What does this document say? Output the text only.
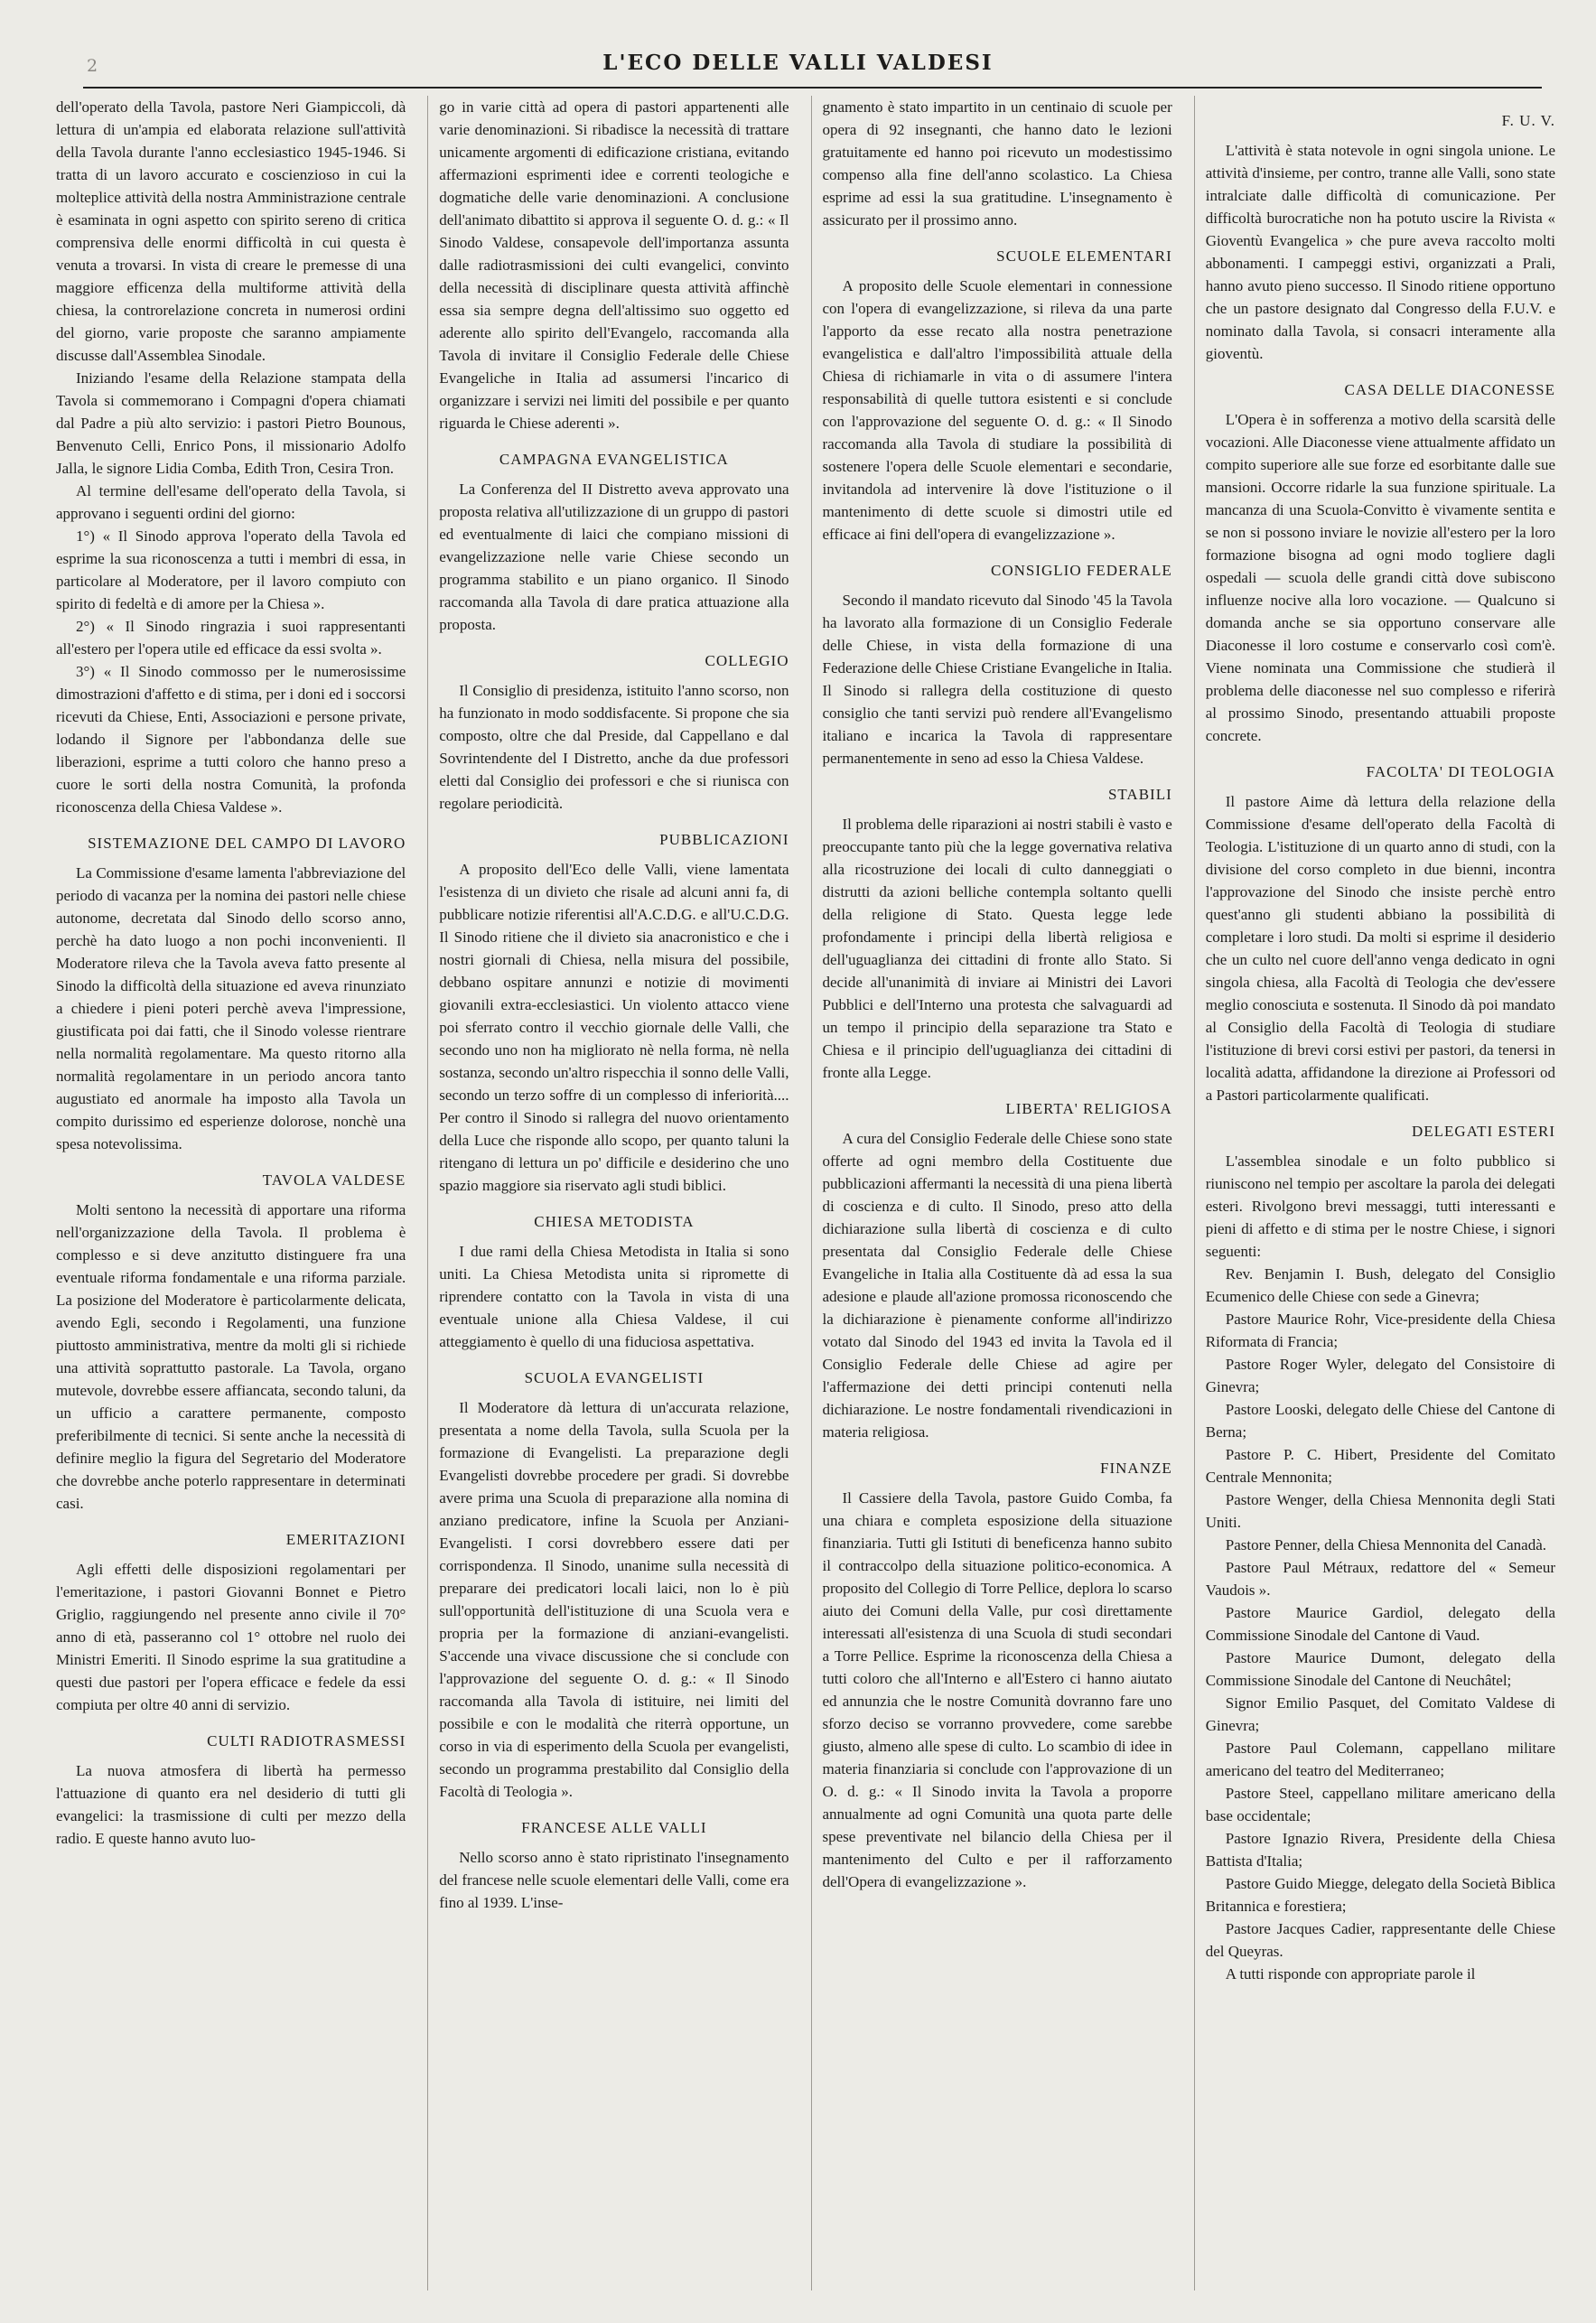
2	L'ECO DELLE VALLI VALDESI

dell'operato della Tavola, pastore Neri Giampiccoli, dà lettura di un'ampia ed elaborata relazione sull'attività della Tavola durante l'anno ecclesiastico 1945-1946. Si tratta di un lavoro accurato e coscienzioso in cui la molteplice attività della nostra Amministrazione centrale è esaminata in ogni aspetto con spirito sereno di critica comprensiva delle enormi difficoltà in cui questa è venuta a trovarsi. In vista di creare le premesse di una maggiore efficenza della multiforme attività della chiesa, la controrelazione concreta in numerosi ordini del giorno, varie proposte che saranno ampiamente discusse dall'Assemblea Sinodale.

Iniziando l'esame della Relazione stampata della Tavola si commemorano i Compagni d'opera chiamati dal Padre a più alto servizio: i pastori Pietro Bounous, Benvenuto Celli, Enrico Pons, il missionario Adolfo Jalla, le signore Lidia Comba, Edith Tron, Cesira Tron.

Al termine dell'esame dell'operato della Tavola, si approvano i seguenti ordini del giorno:

1°) « Il Sinodo approva l'operato della Tavola ed esprime la sua riconoscenza a tutti i membri di essa, in particolare al Moderatore, per il lavoro compiuto con spirito di fedeltà e di amore per la Chiesa ».

2°) « Il Sinodo ringrazia i suoi rappresentanti all'estero per l'opera utile ed efficace da essi svolta ».

3°) « Il Sinodo commosso per le numerosissime dimostrazioni d'affetto e di stima, per i doni ed i soccorsi ricevuti da Chiese, Enti, Associazioni e persone private, lodando il Signore per l'abbondanza delle sue liberazioni, esprime a tutti coloro che hanno preso a cuore le sorti della nostra Comunità, la profonda riconoscenza della Chiesa Valdese ».

SISTEMAZIONE DEL CAMPO DI LAVORO

La Commissione d'esame lamenta l'abbreviazione del periodo di vacanza per la nomina dei pastori nelle chiese autonome, decretata dal Sinodo dello scorso anno, perchè ha dato luogo a non pochi inconvenienti. Il Moderatore rileva che la Tavola aveva fatto presente al Sinodo la difficoltà della situazione ed aveva rinunziato a chiedere i pieni poteri perchè aveva l'impressione, giustificata poi dai fatti, che il Sinodo volesse rientrare nella normalità regolamentare. Ma questo ritorno alla normalità regolamentare in un periodo ancora tanto augustiato ed anormale ha imposto alla Tavola un compito durissimo ed esperienze dolorose, nonchè una spesa notevolissima.

TAVOLA VALDESE

Molti sentono la necessità di apportare una riforma nell'organizzazione della Tavola. Il problema è complesso e si deve anzitutto distinguere fra una eventuale riforma fondamentale e una riforma parziale. La posizione del Moderatore è particolarmente delicata, avendo Egli, secondo i Regolamenti, una funzione piuttosto amministrativa, mentre da molti gli si richiede una attività soprattutto pastorale. La Tavola, organo mutevole, dovrebbe essere affiancata, secondo taluni, da un ufficio a carattere permanente, composto preferibilmente di tecnici. Si sente anche la necessità di definire meglio la figura del Segretario del Moderatore che dovrebbe anche poterlo rappresentare in determinati casi.

EMERITAZIONI

Agli effetti delle disposizioni regolamentari per l'emeritazione, i pastori Giovanni Bonnet e Pietro Griglio, raggiungendo nel presente anno civile il 70° anno di età, passeranno col 1° ottobre nel ruolo dei Ministri Emeriti. Il Sinodo esprime la sua gratitudine a questi due pastori per l'opera efficace e fedele da essi compiuta per oltre 40 anni di servizio.

CULTI RADIOTRASMESSI

La nuova atmosfera di libertà ha permesso l'attuazione di quanto era nel desiderio di tutti gli evangelici: la trasmissione di culti per mezzo della radio. E queste hanno avuto luo-

go in varie città ad opera di pastori appartenenti alle varie denominazioni. Si ribadisce la necessità di trattare unicamente argomenti di edificazione cristiana, evitando affermazioni esprimenti idee e correnti teologiche e dogmatiche delle varie denominazioni. A conclusione dell'animato dibattito si approva il seguente O. d. g.: « Il Sinodo Valdese, consapevole dell'importanza assunta dalle radiotrasmissioni dei culti evangelici, convinto della necessità di disciplinare questa attività affinchè essa sia sempre degna dell'altissimo suo oggetto ed aderente allo spirito dell'Evangelo, raccomanda alla Tavola di invitare il Consiglio Federale delle Chiese Evangeliche in Italia ad assumersi l'incarico di organizzare i servizi nei limiti del possibile e per quanto riguarda le Chiese aderenti ».

CAMPAGNA EVANGELISTICA

La Conferenza del II Distretto aveva approvato una proposta relativa all'utilizzazione di un gruppo di pastori ed eventualmente di laici che compiano missioni di evangelizzazione nelle varie Chiese secondo un programma stabilito e un piano organico. Il Sinodo raccomanda alla Tavola di dare pratica attuazione alla proposta.

COLLEGIO

Il Consiglio di presidenza, istituito l'anno scorso, non ha funzionato in modo soddisfacente. Si propone che sia composto, oltre che dal Preside, dal Cappellano e dal Sovrintendente del I Distretto, anche da due professori eletti dal Consiglio dei professori e che si riunisca con regolare periodicità.

PUBBLICAZIONI

A proposito dell'Eco delle Valli, viene lamentata l'esistenza di un divieto che risale ad alcuni anni fa, di pubblicare notizie riferentisi all'A.C.D.G. e all'U.C.D.G. Il Sinodo ritiene che il divieto sia anacronistico e che i nostri giornali di Chiesa, nella misura del possibile, debbano ospitare annunzi e notizie di movimenti giovanili extra-ecclesiastici. Un violento attacco viene poi sferrato contro il vecchio giornale delle Valli, che secondo uno non ha migliorato nè nella forma, nè nella sostanza, secondo un'altro rispecchia il sonno delle Valli, secondo un terzo soffre di un complesso di inferiorità.... Per contro il Sinodo si rallegra del nuovo orientamento della Luce che risponde allo scopo, per quanto taluni la ritengano di lettura un po' difficile e desiderino che uno spazio maggiore sia riservato agli studi biblici.

CHIESA METODISTA

I due rami della Chiesa Metodista in Italia si sono uniti. La Chiesa Metodista unita si ripromette di riprendere contatto con la Tavola in vista di una eventuale unione alla Chiesa Valdese, il cui atteggiamento è quello di una fiduciosa aspettativa.

SCUOLA EVANGELISTI

Il Moderatore dà lettura di un'accurata relazione, presentata a nome della Tavola, sulla Scuola per la formazione di Evangelisti. La preparazione degli Evangelisti dovrebbe procedere per gradi. Si dovrebbe avere prima una Scuola di preparazione alla nomina di anziano predicatore, infine la Scuola per Anziani-Evangelisti. I corsi dovrebbero essere dati per corrispondenza. Il Sinodo, unanime sulla necessità di preparare dei predicatori locali laici, non lo è più sull'opportunità dell'istituzione di una Scuola vera e propria per la formazione di anziani-evangelisti. S'accende una vivace discussione che si conclude con l'approvazione del seguente O. d. g.: « Il Sinodo raccomanda alla Tavola di istituire, nei limiti del possibile e con le modalità che riterrà opportune, un corso in via di esperimento della Scuola per evangelisti, secondo un programma prestabilito dal Consiglio della Facoltà di Teologia ».

FRANCESE ALLE VALLI

Nello scorso anno è stato ripristinato l'insegnamento del francese nelle scuole elementari delle Valli, come era fino al 1939. L'inse-

gnamento è stato impartito in un centinaio di scuole per opera di 92 insegnanti, che hanno dato le lezioni gratuitamente ed hanno poi ricevuto un modestissimo compenso alla fine dell'anno scolastico. La Chiesa esprime ad essi la sua gratitudine. L'insegnamento è assicurato per il prossimo anno.

SCUOLE ELEMENTARI

A proposito delle Scuole elementari in connessione con l'opera di evangelizzazione, si rileva da una parte l'apporto da esse recato alla nostra penetrazione evangelistica e dall'altro l'impossibilità attuale della Chiesa di richiamarle in vita o di assumere l'intera responsabilità di quelle tuttora esistenti e si conclude con l'approvazione del seguente O. d. g.: « Il Sinodo raccomanda alla Tavola di studiare la possibilità di sostenere l'opera delle Scuole elementari e secondarie, invitandola ad intervenire là dove l'istituzione o il mantenimento di dette scuole si dimostri utile ed efficace ai fini dell'opera di evangelizzazione ».

CONSIGLIO FEDERALE

Secondo il mandato ricevuto dal Sinodo '45 la Tavola ha lavorato alla formazione di un Consiglio Federale delle Chiese, in vista della formazione di una Federazione delle Chiese Cristiane Evangeliche in Italia. Il Sinodo si rallegra della costituzione di questo consiglio che tanti servizi può rendere all'Evangelismo italiano e incarica la Tavola di rappresentare permanentemente in seno ad esso la Chiesa Valdese.

STABILI

Il problema delle riparazioni ai nostri stabili è vasto e preoccupante tanto più che la legge governativa relativa alla ricostruzione dei locali di culto danneggiati o distrutti da azioni belliche contempla soltanto quelli della religione di Stato. Questa legge lede profondamente i principi della libertà religiosa e dell'uguaglianza dei cittadini di fronte allo Stato. Si decide all'unanimità di inviare ai Ministri dei Lavori Pubblici e dell'Interno una protesta che salvaguardi ad un tempo il principio della separazione tra Stato e Chiesa e il principio dell'uguaglianza dei cittadini di fronte alla Legge.

LIBERTA' RELIGIOSA

A cura del Consiglio Federale delle Chiese sono state offerte ad ogni membro della Costituente due pubblicazioni affermanti la necessità di una piena libertà di coscienza e di culto. Il Sinodo, preso atto della dichiarazione sulla libertà di coscienza e di culto presentata dal Consiglio Federale delle Chiese Evangeliche in Italia alla Costituente dà ad essa la sua adesione e plaude all'azione promossa riconoscendo che la dichiarazione è pienamente conforme all'indirizzo votato dal Sinodo del 1943 ed invita la Tavola ed il Consiglio Federale delle Chiese ad agire per l'affermazione dei detti principi contenuti nella dichiarazione. Le nostre fondamentali rivendicazioni in materia religiosa.

FINANZE

Il Cassiere della Tavola, pastore Guido Comba, fa una chiara e completa esposizione della situazione finanziaria. Tutti gli Istituti di beneficenza hanno subito il contraccolpo della situazione politico-economica. A proposito del Collegio di Torre Pellice, deplora lo scarso aiuto dei Comuni della Valle, pur così direttamente interessati all'esistenza di una Scuola di studi secondari a Torre Pellice. Esprime la riconoscenza della Chiesa a tutti coloro che all'Interno e all'Estero ci hanno aiutato ed annunzia che le nostre Comunità dovranno fare uno sforzo deciso se vorranno provvedere, come sarebbe giusto, almeno alle spese di culto. Lo scambio di idee in materia finanziaria si conclude con l'approvazione di un O. d. g.: « Il Sinodo invita la Tavola a proporre annualmente ad ogni Comunità una quota parte delle spese preventivate nel bilancio della Chiesa per il mantenimento del Culto e per il rafforzamento dell'Opera di evangelizzazione ».

F. U. V.

L'attività è stata notevole in ogni singola unione. Le attività d'insieme, per contro, tranne alle Valli, sono state intralciate dalle difficoltà di comunicazione. Per difficoltà burocratiche non ha potuto uscire la Rivista « Gioventù Evangelica » che pure aveva raccolto molti abbonamenti. I campeggi estivi, organizzati a Prali, hanno avuto pieno successo. Il Sinodo ritiene opportuno che un pastore designato dal Congresso della F.U.V. e nominato dalla Tavola, si consacri interamente alla gioventù.

CASA DELLE DIACONESSE

L'Opera è in sofferenza a motivo della scarsità delle vocazioni. Alle Diaconesse viene attualmente affidato un compito superiore alle sue forze ed esorbitante dalle sue mansioni. Occorre ridarle la sua funzione spirituale. La mancanza di una Scuola-Convitto è vivamente sentita e se non si possono inviare le novizie all'estero per la loro formazione bisogna ad ogni modo togliere dagli ospedali — scuola delle grandi città dove subiscono influenze nocive alla loro vocazione. — Qualcuno si domanda anche se sia opportuno conservare alle Diaconesse il loro costume e conservarlo così com'è. Viene nominata una Commissione che studierà il problema delle diaconesse nel suo complesso e riferirà al prossimo Sinodo, presentando attuabili proposte concrete.

FACOLTA' DI TEOLOGIA

Il pastore Aime dà lettura della relazione della Commissione d'esame dell'operato della Facoltà di Teologia. L'istituzione di un quarto anno di studi, con la divisione del corso completo in due bienni, incontra l'approvazione del Sinodo che insiste perchè entro quest'anno gli studenti abbiano la possibilità di completare i loro studi. Da molti si esprime il desiderio che un culto nel cuore dell'anno venga dedicato in ogni singola chiesa, alla Facoltà di Teologia che dev'essere meglio conosciuta e sostenuta. Il Sinodo dà poi mandato al Consiglio della Facoltà di Teologia di studiare l'istituzione di brevi corsi estivi per pastori, da tenersi in località adatta, affidandone la direzione ai Professori od a Pastori particolarmente qualificati.

DELEGATI ESTERI

L'assemblea sinodale e un folto pubblico si riuniscono nel tempio per ascoltare la parola dei delegati esteri. Rivolgono brevi messaggi, tutti interessanti e pieni di affetto e di stima per le nostre Chiese, i signori seguenti:

Rev. Benjamin I. Bush, delegato del Consiglio Ecumenico delle Chiese con sede a Ginevra;

Pastore Maurice Rohr, Vice-presidente della Chiesa Riformata di Francia;

Pastore Roger Wyler, delegato del Consistoire di Ginevra;

Pastore Looski, delegato delle Chiese del Cantone di Berna;

Pastore P. C. Hibert, Presidente del Comitato Centrale Mennonita;

Pastore Wenger, della Chiesa Mennonita degli Stati Uniti.

Pastore Penner, della Chiesa Mennonita del Canadà.

Pastore Paul Métraux, redattore del « Semeur Vaudois ».

Pastore Maurice Gardiol, delegato della Commissione Sinodale del Cantone di Vaud.

Pastore Maurice Dumont, delegato della Commissione Sinodale del Cantone di Neuchâtel;

Signor Emilio Pasquet, del Comitato Valdese di Ginevra;

Pastore Paul Colemann, cappellano militare americano del teatro del Mediterraneo;

Pastore Steel, cappellano militare americano della base occidentale;

Pastore Ignazio Rivera, Presidente della Chiesa Battista d'Italia;

Pastore Guido Miegge, delegato della Società Biblica Britannica e forestiera;

Pastore Jacques Cadier, rappresentante delle Chiese del Queyras.

A tutti risponde con appropriate parole il
